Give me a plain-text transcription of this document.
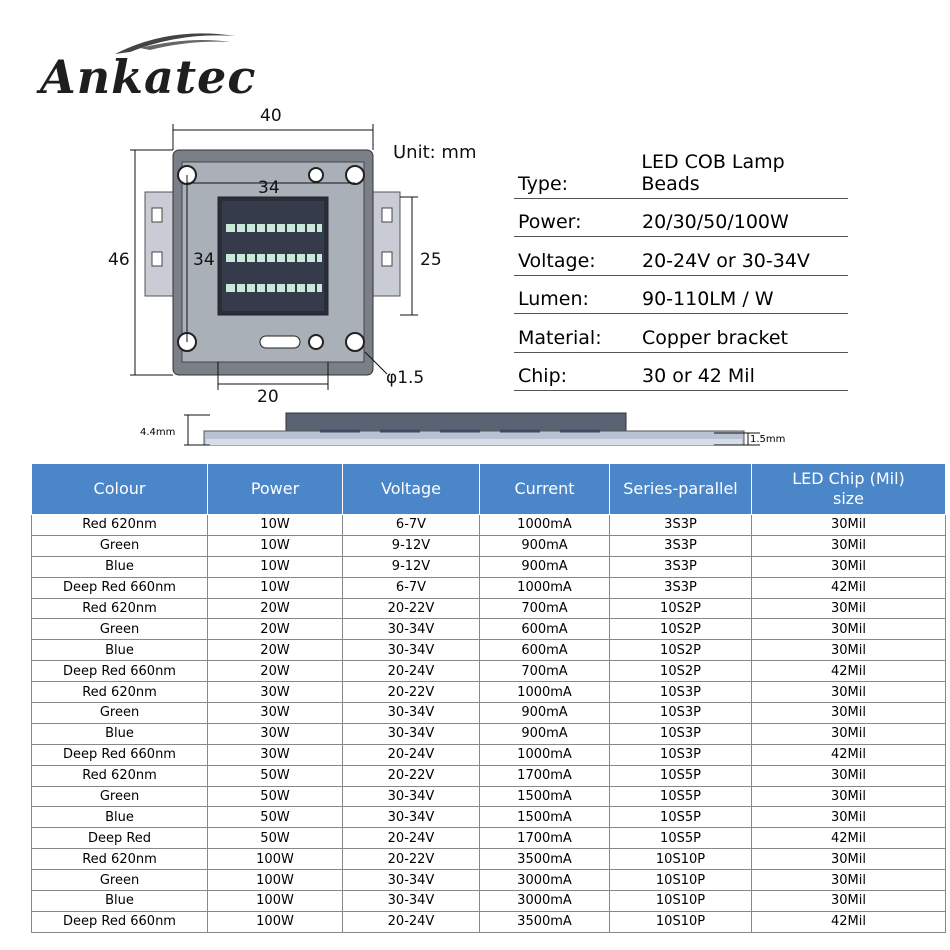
Ankatec
40
34
46	34	25
20
φ1.5
Unit: mm
Type:
LED COB Lamp Beads
Power:	20/30/50/100W
Voltage:	20-24V or 30-34V
Lumen:	90-110LM / W
Material:	Copper bracket
Chip:	30 or 42 Mil
4.4mm
1.5mm
Colour	Power	Voltage	Current	Series-parallel	LED Chip (Mil) size
Red 620nm	10W	6-7V	1000mA	3S3P	30Mil
Green	10W	9-12V	900mA	3S3P	30Mil
Blue	10W	9-12V	900mA	3S3P	30Mil
Deep Red 660nm	10W	6-7V	1000mA	3S3P	42Mil
Red 620nm	20W	20-22V	700mA	10S2P	30Mil
Green	20W	30-34V	600mA	10S2P	30Mil
Blue	20W	30-34V	600mA	10S2P	30Mil
Deep Red 660nm	20W	20-24V	700mA	10S2P	42Mil
Red 620nm	30W	20-22V	1000mA	10S3P	30Mil
Green	30W	30-34V	900mA	10S3P	30Mil
Blue	30W	30-34V	900mA	10S3P	30Mil
Deep Red 660nm	30W	20-24V	1000mA	10S3P	42Mil
Red 620nm	50W	20-22V	1700mA	10S5P	30Mil
Green	50W	30-34V	1500mA	10S5P	30Mil
Blue	50W	30-34V	1500mA	10S5P	30Mil
Deep Red	50W	20-24V	1700mA	10S5P	42Mil
Red 620nm	100W	20-22V	3500mA	10S10P	30Mil
Green	100W	30-34V	3000mA	10S10P	30Mil
Blue	100W	30-34V	3000mA	10S10P	30Mil
Deep Red 660nm	100W	20-24V	3500mA	10S10P	42Mil
